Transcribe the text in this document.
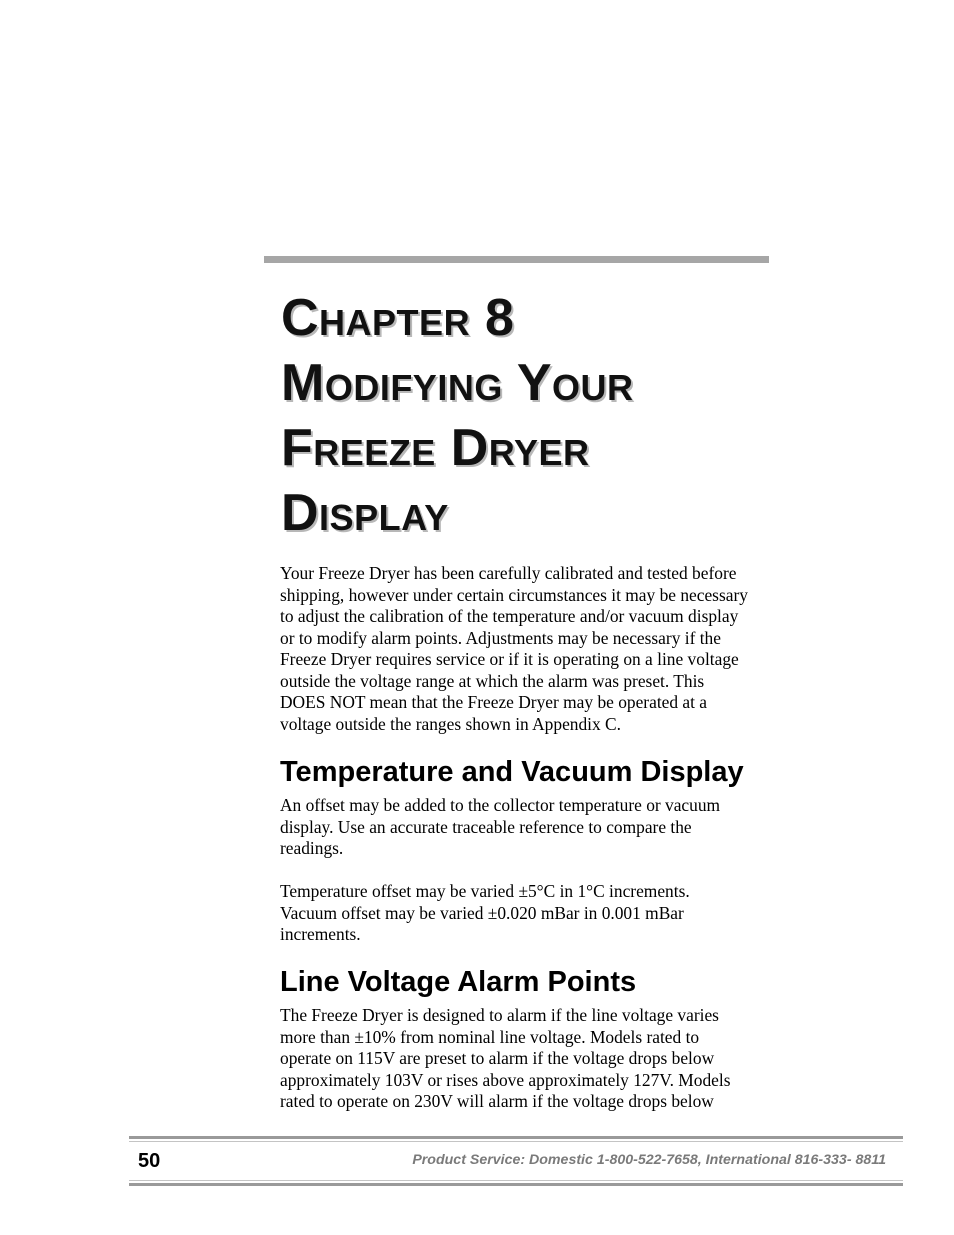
Chapter 8
Modifying Your
Freeze Dryer
Display

Your Freeze Dryer has been carefully calibrated and tested before
shipping, however under certain circumstances it may be necessary
to adjust the calibration of the temperature and/or vacuum display
or to modify alarm points. Adjustments may be necessary if the
Freeze Dryer requires service or if it is operating on a line voltage
outside the voltage range at which the alarm was preset. This
DOES NOT mean that the Freeze Dryer may be operated at a
voltage outside the ranges shown in Appendix C.

Temperature and Vacuum Display

An offset may be added to the collector temperature or vacuum
display. Use an accurate traceable reference to compare the
readings.

Temperature offset may be varied ±5°C in 1°C increments.
Vacuum offset may be varied ±0.020 mBar in 0.001 mBar
increments.

Line Voltage Alarm Points

The Freeze Dryer is designed to alarm if the line voltage varies
more than ±10% from nominal line voltage. Models rated to
operate on 115V are preset to alarm if the voltage drops below
approximately 103V or rises above approximately 127V. Models
rated to operate on 230V will alarm if the voltage drops below

50	Product Service: Domestic 1-800-522-7658, International 816-333- 8811
